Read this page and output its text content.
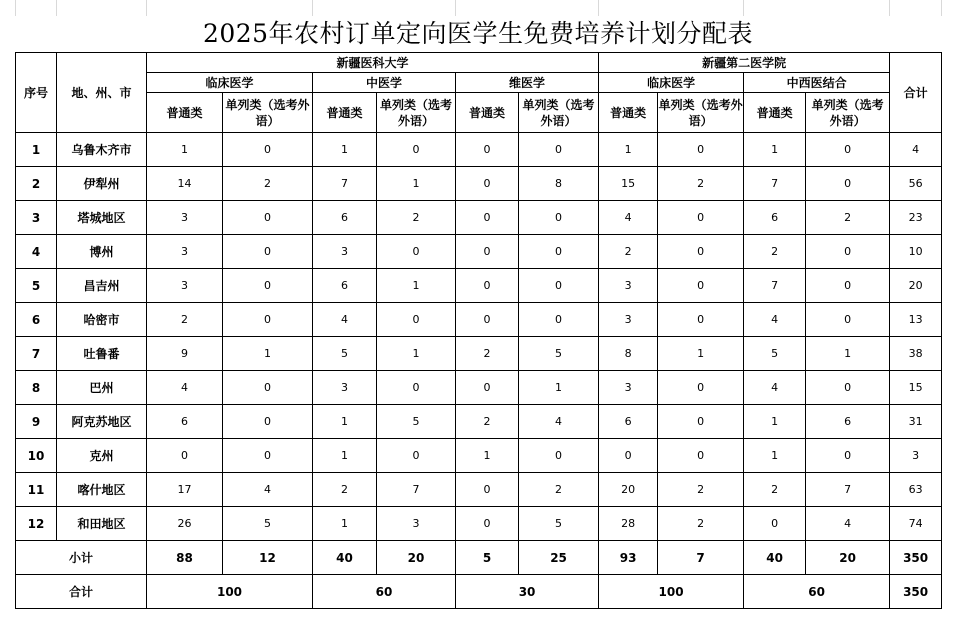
2025年农村订单定向医学生免费培养计划分配表
序号	地、州、市	新疆医科大学						新疆第二医学院				合计
		临床医学		中医学		维医学		临床医学		中西医结合		
		普通类	单列类（选考外语）	普通类	单列类（选考外语）	普通类	单列类（选考外语）	普通类	单列类（选考外语）	普通类	单列类（选考外语）	
1	乌鲁木齐市	1	0	1	0	0	0	1	0	1	0	4
2	伊犁州	14	2	7	1	0	8	15	2	7	0	56
3	塔城地区	3	0	6	2	0	0	4	0	6	2	23
4	博州	3	0	3	0	0	0	2	0	2	0	10
5	昌吉州	3	0	6	1	0	0	3	0	7	0	20
6	哈密市	2	0	4	0	0	0	3	0	4	0	13
7	吐鲁番	9	1	5	1	2	5	8	1	5	1	38
8	巴州	4	0	3	0	0	1	3	0	4	0	15
9	阿克苏地区	6	0	1	5	2	4	6	0	1	6	31
10	克州	0	0	1	0	1	0	0	0	1	0	3
11	喀什地区	17	4	2	7	0	2	20	2	2	7	63
12	和田地区	26	5	1	3	0	5	28	2	0	4	74
小计		88	12	40	20	5	25	93	7	40	20	350
合计		100		60		30		100		60		350
